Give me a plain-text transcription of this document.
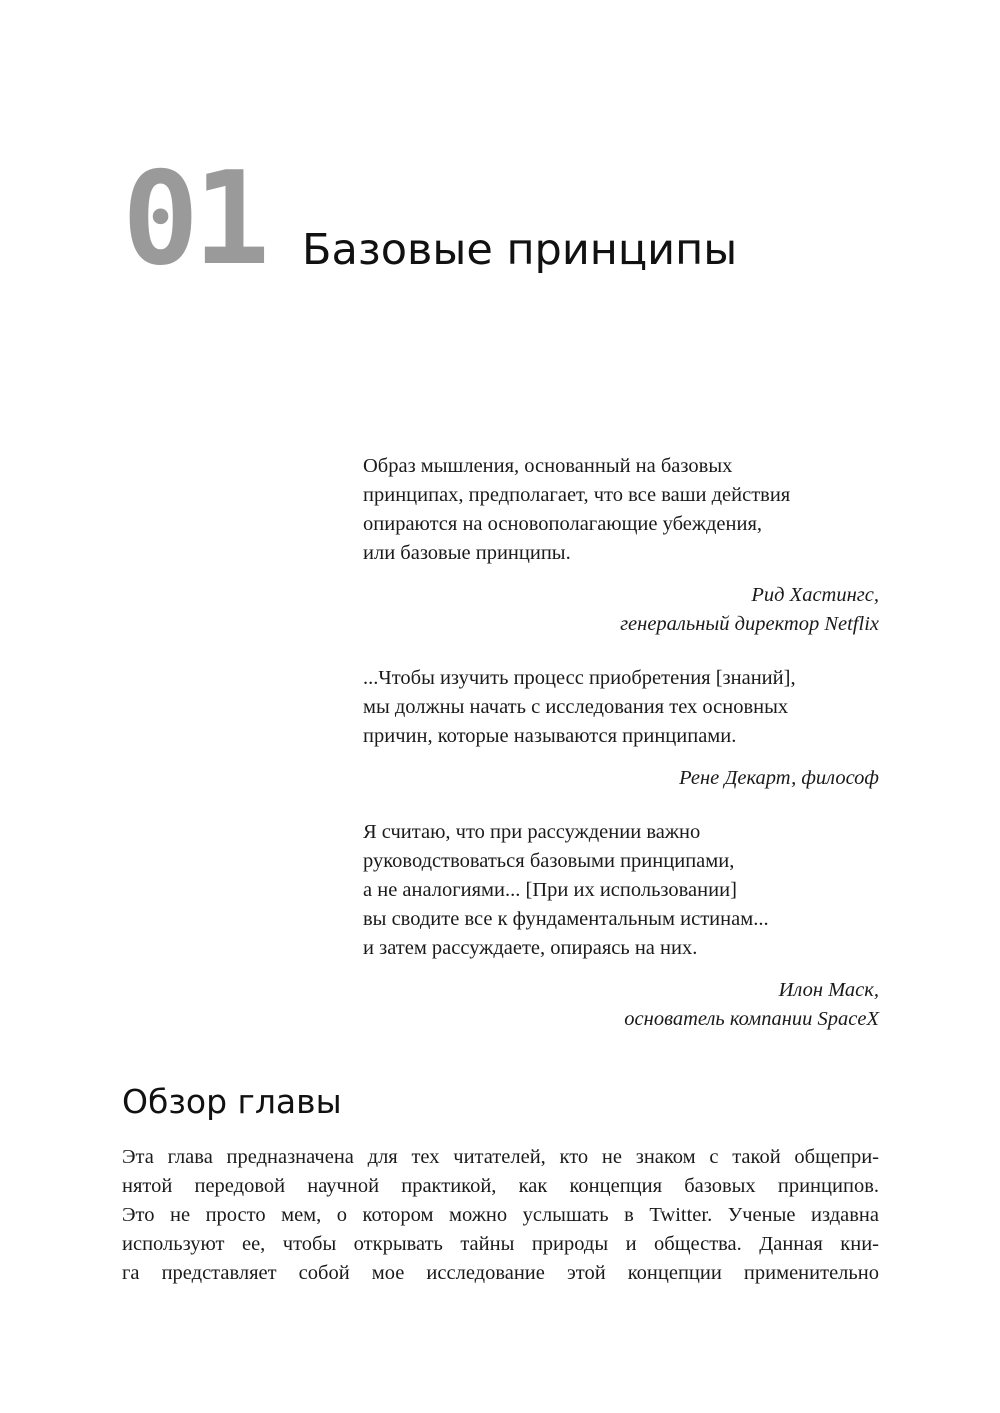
01 Базовые принципы
Образ мышления, основанный на базовых
принципах, предполагает, что все ваши действия
опираются на основополагающие убеждения,
или базовые принципы.
Рид Хастингс,
генеральный директор Netflix
...Чтобы изучить процесс приобретения [знаний],
мы должны начать с исследования тех основных
причин, которые называются принципами.
Рене Декарт, философ
Я считаю, что при рассуждении важно
руководствоваться базовыми принципами,
а не аналогиями... [При их использовании]
вы сводите все к фундаментальным истинам...
и затем рассуждаете, опираясь на них.
Илон Маск,
основатель компании SpaceX
Обзор главы
Эта глава предназначена для тех читателей, кто не знаком с такой общепри-
нятой передовой научной практикой, как концепция базовых принципов.
Это не просто мем, о котором можно услышать в Twitter. Ученые издавна
используют ее, чтобы открывать тайны природы и общества. Данная кни-
га представляет собой мое исследование этой концепции применительно
